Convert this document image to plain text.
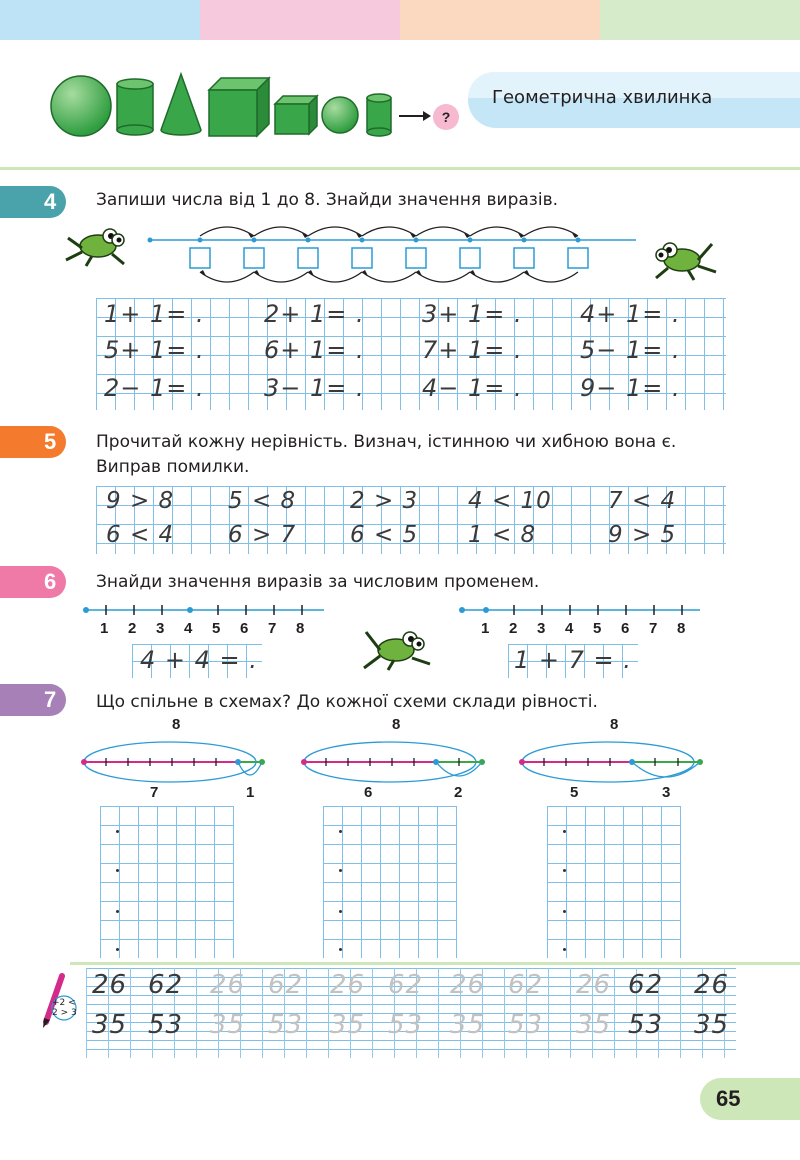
?
Геометрична хвилинка
4 Запиши числа від 1 до 8. Знайди значення виразів.
1+ 1= .	2+ 1= .	3+ 1= .	4+ 1= .
5+ 1= .	6+ 1= .	7+ 1= .	5− 1= .
2− 1= .	3− 1= .	4− 1= .	9− 1= .
5 Прочитай кожну нерівність. Визнач, істинною чи хибною вона є.
Виправ помилки.
9 > 8	5 < 8	2 > 3	4 < 10	7 < 4
6 < 4	6 > 7	6 < 5	1 < 8	9 > 5
6 Знайди значення виразів за числовим променем.
1 2 3 4 5 6 7 8
4 + 4 = .
1 2 3 4 5 6 7 8
1 + 7 = .
7 Що спільне в схемах? До кожної схеми склади рівності.
8
7	1
8
6	2
8
5	3
+2 < 2 > 3
26 62 26 62 26 62 26 62 26 62 26
35 53 35 53 35 53 35 53 35 53 35
65
